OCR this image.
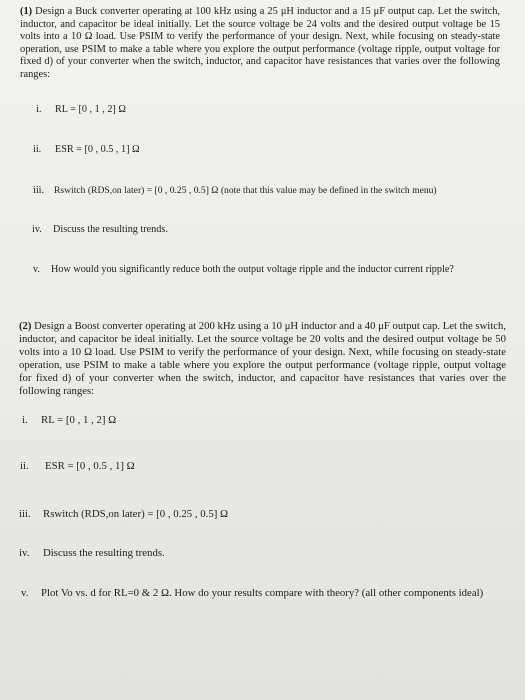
(1) Design a Buck converter operating at 100 kHz using a 25 μH inductor and a 15 μF output cap. Let the switch, inductor, and capacitor be ideal initially. Let the source voltage be 24 volts and the desired output voltage be 15 volts into a 10 Ω load. Use PSIM to verify the performance of your design. Next, while focusing on steady-state operation, use PSIM to make a table where you explore the output performance (voltage ripple, output voltage for fixed d) of your converter when the switch, inductor, and capacitor have resistances that varies over the following ranges:
i. RL = [0 , 1 , 2] Ω
ii. ESR = [0 , 0.5 , 1] Ω
iii. Rswitch (RDS,on later) = [0 , 0.25 , 0.5] Ω (note that this value may be defined in the switch menu)
iv. Discuss the resulting trends.
v. How would you significantly reduce both the output voltage ripple and the inductor current ripple?
(2) Design a Boost converter operating at 200 kHz using a 10 μH inductor and a 40 μF output cap. Let the switch, inductor, and capacitor be ideal initially. Let the source voltage be 20 volts and the desired output voltage be 50 volts into a 10 Ω load. Use PSIM to verify the performance of your design. Next, while focusing on steady-state operation, use PSIM to make a table where you explore the output performance (voltage ripple, output voltage for fixed d) of your converter when the switch, inductor, and capacitor have resistances that varies over the following ranges:
i. RL = [0 , 1 , 2] Ω
ii. ESR = [0 , 0.5 , 1] Ω
iii. Rswitch (RDS,on later) = [0 , 0.25 , 0.5] Ω
iv. Discuss the resulting trends.
v. Plot Vo vs. d for RL=0 & 2 Ω. How do your results compare with theory? (all other components ideal)
